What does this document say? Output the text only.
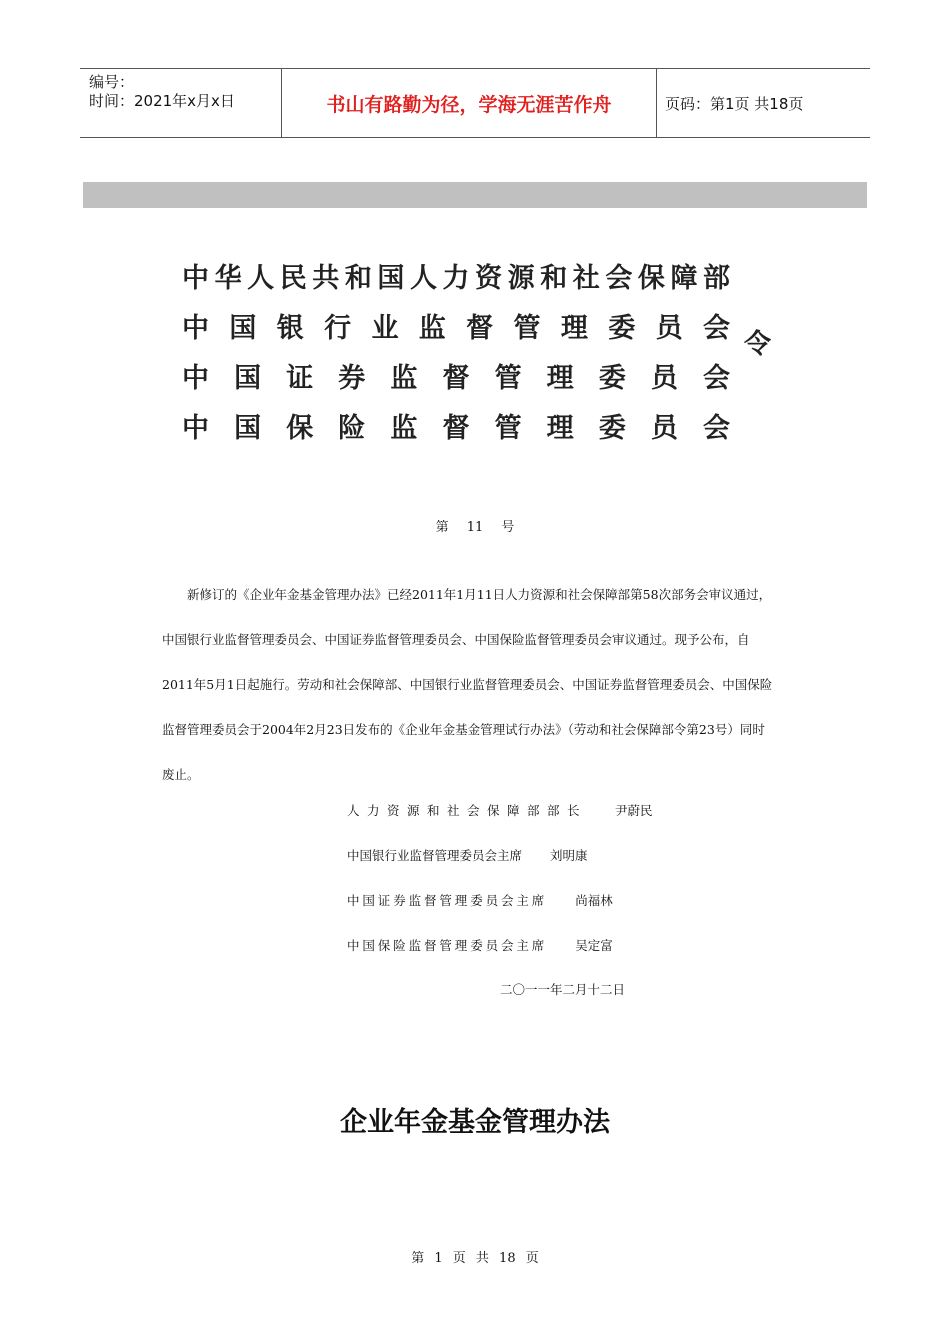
编号：
时间：2021年x月x日	书山有路勤为径，学海无涯苦作舟	页码：第1页 共18页
中 华 人 民 共 和 国 人 力 资 源 和 社 会 保 障 部
中 国 银 行 业 监 督 管 理 委 员 会
中 国 证 券 监 督 管 理 委 员 会
中 国 保 险 监 督 管 理 委 员 会
令
第 11 号

新修订的《企业年金基金管理办法》已经2011年1月11日人力资源和社会保障部第58次部务会审议通过，

中国银行业监督管理委员会、中国证券监督管理委员会、中国保险监督管理委员会审议通过。现予公布，自

2011年5月1日起施行。劳动和社会保障部、中国银行业监督管理委员会、中国证券监督管理委员会、中国保险

监督管理委员会于2004年2月23日发布的《企业年金基金管理试行办法》（劳动和社会保障部令第23号）同时

废止。

人力资源和社会保障部部长 尹蔚民
中国银行业监督管理委员会主席 刘明康
中国证券监督管理委员会主席 尚福林
中国保险监督管理委员会主席 吴定富
二〇一一年二月十二日
企业年金基金管理办法
第 1 页 共 18 页
